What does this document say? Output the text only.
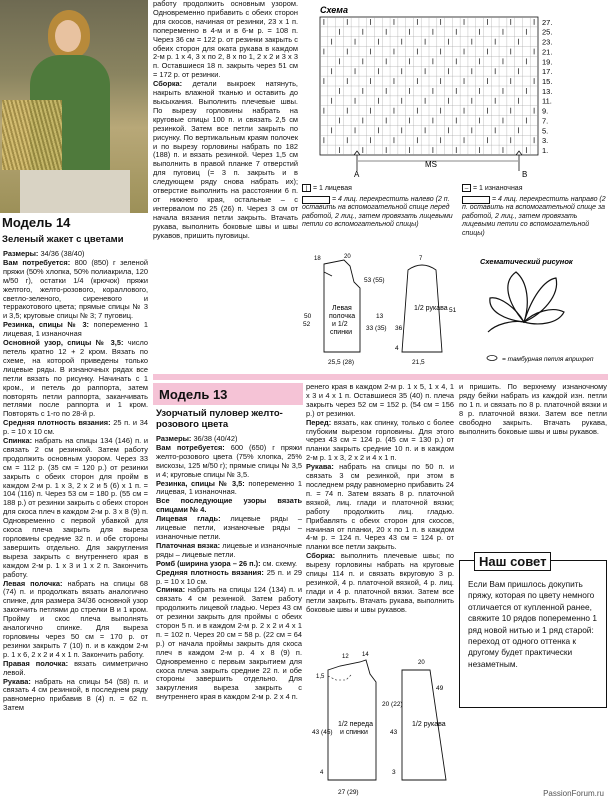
Модель 14
Зеленый жакет с цветами

Размеры: 34/36 (38/40)

Вам потребуется: 800 (850) г зеленой пряжи (50% хлопка, 50% полиакрила, 120 м/50 г), остатки 1/4 (крючок) пряжи желтого, желто-розового, кораллового, светло-зеленого, сиреневого и терракотового цвета; прямые спицы № 3 и 3,5; круговые спицы № 3; 7 пуговиц.

Резинка, спицы № 3: попеременно 1 лицевая, 1 изнаночная

Основной узор, спицы № 3,5: число петель кратно 12 + 2 кром. Вязать по схеме, на которой приведены только лицевые ряды. В изнаночных рядах все петли вязать по рисунку. Начинать с 1 кром., и петель до раппорта, затем повторять петли раппорта, заканчивать петлями после раппорта и 1 кром. Повторять с 1-го по 28-й р.

Средняя плотность вязания: 25 п. и 34 р. = 10 х 10 см.

Спинка: набрать на спицы 134 (146) п. и связать 2 см резинкой. Затем работу продолжить основным узором. Через 33 см = 112 р. (35 см = 120 р.) от резинки закрыть с обеих сторон для пройм в каждом 2-м р. 1 х 3, 2 х 2 и 5 (6) х 1 п. = 104 (116) п. Через 53 см = 180 р. (55 см = 188 р.) от резинки закрыть с обеих сторон для скоса плеч в каждом 2-м р. 3 х 8 (9) п. Одновременно с первой убавкой для скоса плеча закрыть для выреза горловины средние 32 п. и обе стороны завершить отдельно. Для закругления выреза закрыть с внутреннего края в каждом 2-м р. 1 х 3 и 1 х 2 п. Закончить работу.

Левая полочка: набрать на спицы 68 (74) п. и продолжать вязать аналогично спинке, для размера 34/36 основной узор закончить петлями до стрелки В и 1 кром. Пройму и скос плеча выполнять аналогично спинке. Для выреза горловины через 50 см = 170 р. от резинки закрыть 7 (10) п. и в каждом 2-м р. 1 х 6, 2 х 2 и 4 х 1 п. Закончить работу.

Правая полочка: вязать симметрично левой.

Рукава: набрать на спицы 54 (58) п. и связать 4 см резинкой, в последнем ряду равномерно прибавив 8 (4) п. = 62 п. Затем

работу продолжить основным узором. Одновременно прибавить с обеих сторон для скосов, начиная от резинки, 23 х 1 п. попеременно в 4-м и в 6-м р. = 108 п. Через 36 см = 122 р. от резинки закрыть с обеих сторон для оката рукава в каждом 2-м р. 1 х 4, 3 х по 2, 8 х по 1, 2 х 2 и 3 х 3 п. Оставшиеся 18 п. закрыть через 51 см = 172 р. от резинки.

Сборка: детали выкроек натянуть, накрыть влажной тканью и оставить до высыхания. Выполнить плечевые швы. По вырезу горловины набрать на круговые спицы 100 п. и связать 2,5 см резинкой. Затем все петли закрыть по рисунку. По вертикальным краям полочек и по вырезу горловины набрать по 182 (188) п. и вязать резинкой. Через 1,5 см выполнить в правой планке 7 отверстий для пуговиц (= 3 п. закрыть и в следующем ряду снова набрать их); отверстие выполнить на расстоянии 6 п. от нижнего края, остальные – с интервалом по 25 (26) п. Через 3 см от начала вязания петли закрыть. Втачать рукава, выполнить боковые швы и швы рукавов, пришить пуговицы.

Схема
27.
25.
23.
21.
19.
17.
15.
13.
11.
9.
7.
5.
3.
1.
MS
A	B
| = 1 лицевая	– = 1 изнаночная
= 4 лиц. перекрестить налево (2 п. оставить на вспомогательной спице перед работой, 2 лиц., затем провязать лицевыми петли со вспомогательной спицы)
= 4 лиц. перекрестить направо (2 п. оставить на вспомогательной спице за работой, 2 лиц., затем провязать лицевыми петли со вспомогательной спицы)
Левая
полочка
и 1/2
спинки
50
52
13
33 (35)
53 (55)
25,5 (28)
18	20
1/2 рукава 51
36
4
7
21,5
Схематический рисунок
= тамбурная петля вприхреп
Модель 13
Узорчатый пуловер желто-розового цвета

Размеры: 36/38 (40/42)

Вам потребуется: 600 (650) г пряжи желто-розового цвета (75% хлопка, 25% вискозы, 125 м/50 г); прямые спицы № 3,5 и 4; круговые спицы № 3,5.

Резинка, спицы № 3,5: попеременно 1 лицевая, 1 изнаночная.

Все последующие узоры вязать спицами № 4.

Лицевая гладь: лицевые ряды – лицевые петли, изнаночные ряды – изнаночные петли.

Платочная вязка: лицевые и изнаночные ряды – лицевые петли.

Ромб (ширина узора – 26 п.): см. схему.

Средняя плотность вязания: 25 п. и 29 р. = 10 х 10 см.

Спинка: набрать на спицы 124 (134) п. и связать 4 см резинкой. Затем работу продолжить лицевой гладью. Через 43 см от резинки закрыть для проймы с обеих сторон 5 п. и в каждом 2-м р. 2 х 2 и 4 х 1 п. = 102 п. Через 20 см = 58 р. (22 см = 64 р.) от начала проймы закрыть для скоса плеч в каждом 2-м р. 4 х 8 (9) п. Одновременно с первым закрытием для скоса плеча закрыть средние 22 п. и обе стороны завершить отдельно. Для закругления выреза закрыть с внутреннего края в каждом 2-м р. 2 х 4 п.

ренего края в каждом 2-м р. 1 х 5, 1 х 4, 1 х 3 и 4 х 1 п. Оставшиеся 35 (40) п. плеча закрыть через 52 см = 152 р. (54 см = 156 р.) от резинки.

Перед: вязать, как спинку, только с более глубоким вырезом горловины. Для этого через 43 см = 124 р. (45 см = 130 р.) от планки закрыть средние 10 п. и в каждом 2-м р. 1 х 3, 2 х 2 и 4 х 1 п.

Рукава: набрать на спицы по 50 п. и связать 3 см резинкой, при этом в последнем ряду равномерно прибавить 24 п. = 74 п. Затем вязать 8 р. платочной вязкой, лиц. глади и платочной вязки; работу продолжить лиц. гладью. Прибавлять с обеих сторон для скосов, начиная от планки, 20 х по 1 п. в каждом 4-м р. = 124 п. Через 43 см = 124 р. от планки все петли закрыть.

Сборка: выполнить плечевые швы; по вырезу горловины набрать на круговые спицы 114 п. и связать вкруговую 3 р. резинкой, 4 р. платочной вязкой, 4 р. лиц. глади и 4 р. платочной вязки. Затем все петли закрыть. Втачать рукава, выполнить боковые швы и швы рукавов.

и пришить. По верхнему изнаночному ряду бейки набрать из каждой изн. петли по 1 п. и связать по 8 р. платочной вязки и 8 р. платочной вязки. Затем все петли свободно закрыть. Втачать рукава, выполнить боковые швы и швы рукавов.

Наш совет
Если Вам пришлось докупить пряжу, которая по цвету немного отличается от купленной ранее, свяжите 10 рядов попеременно 1 ряд новой нитью и 1 ряд старой: переход от одного оттенка к другому будет практически незаметным.
1/2 переда
и спинки
43 (45)
20 (22)
27 (29)
12 14
1,5
4
1/2 рукава
49
43
3
20
PassionForum.ru
